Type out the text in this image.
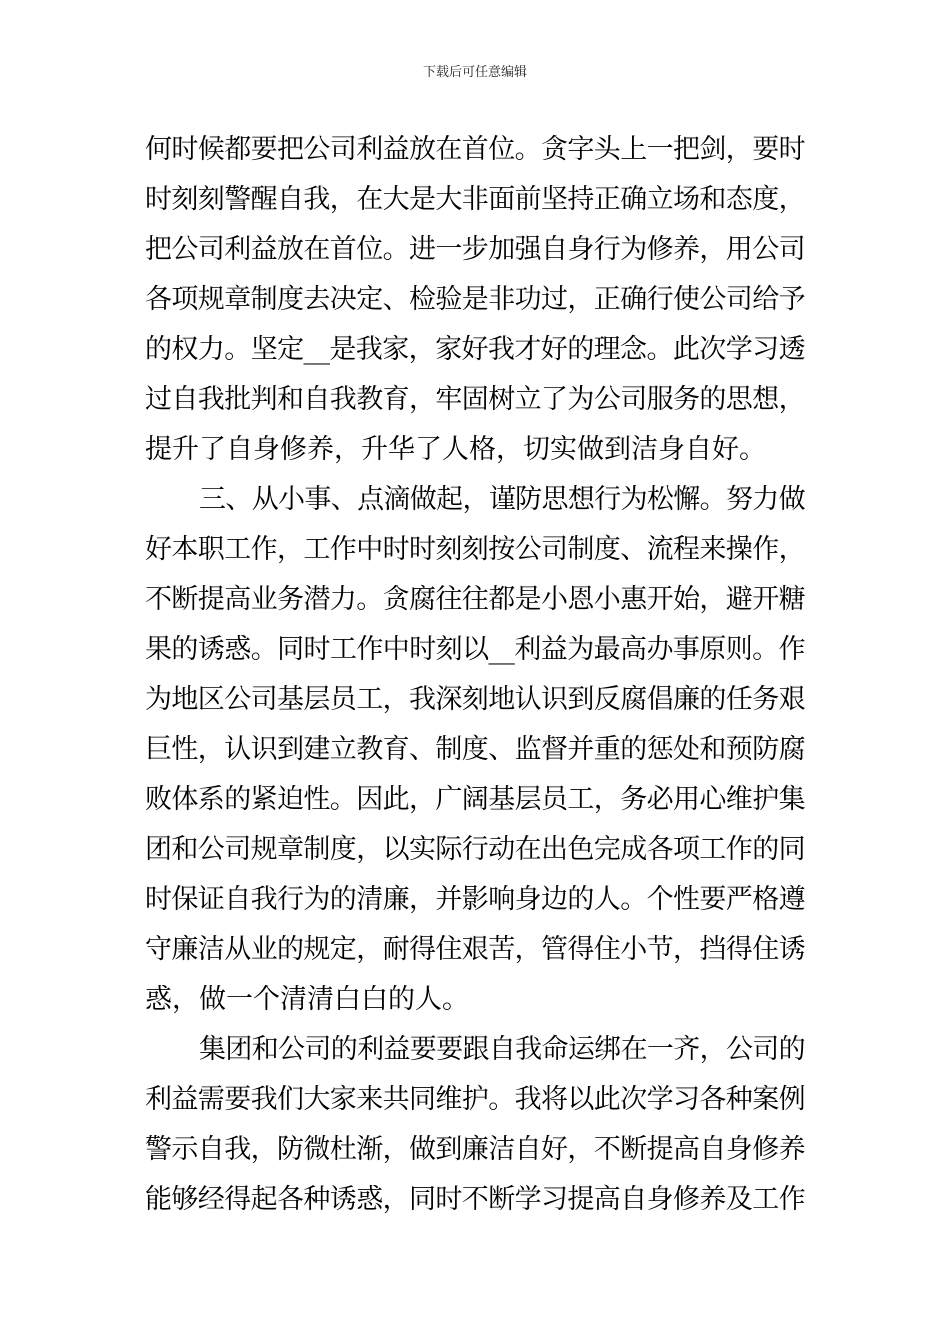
下载后可任意编辑
何时候都要把公司利益放在首位。贪字头上一把剑，要时
时刻刻警醒自我，在大是大非面前坚持正确立场和态度，
把公司利益放在首位。进一步加强自身行为修养，用公司
各项规章制度去决定、检验是非功过，正确行使公司给予
的权力。坚定__是我家，家好我才好的理念。此次学习透
过自我批判和自我教育，牢固树立了为公司服务的思想，
提升了自身修养，升华了人格，切实做到洁身自好。
三、从小事、点滴做起，谨防思想行为松懈。努力做
好本职工作，工作中时时刻刻按公司制度、流程来操作，
不断提高业务潜力。贪腐往往都是小恩小惠开始，避开糖
果的诱惑。同时工作中时刻以__利益为最高办事原则。作
为地区公司基层员工，我深刻地认识到反腐倡廉的任务艰
巨性，认识到建立教育、制度、监督并重的惩处和预防腐
败体系的紧迫性。因此，广阔基层员工，务必用心维护集
团和公司规章制度，以实际行动在出色完成各项工作的同
时保证自我行为的清廉，并影响身边的人。个性要严格遵
守廉洁从业的规定，耐得住艰苦，管得住小节，挡得住诱
惑，做一个清清白白的人。
集团和公司的利益要要跟自我命运绑在一齐，公司的
利益需要我们大家来共同维护。我将以此次学习各种案例
警示自我，防微杜渐，做到廉洁自好，不断提高自身修养
能够经得起各种诱惑，同时不断学习提高自身修养及工作
